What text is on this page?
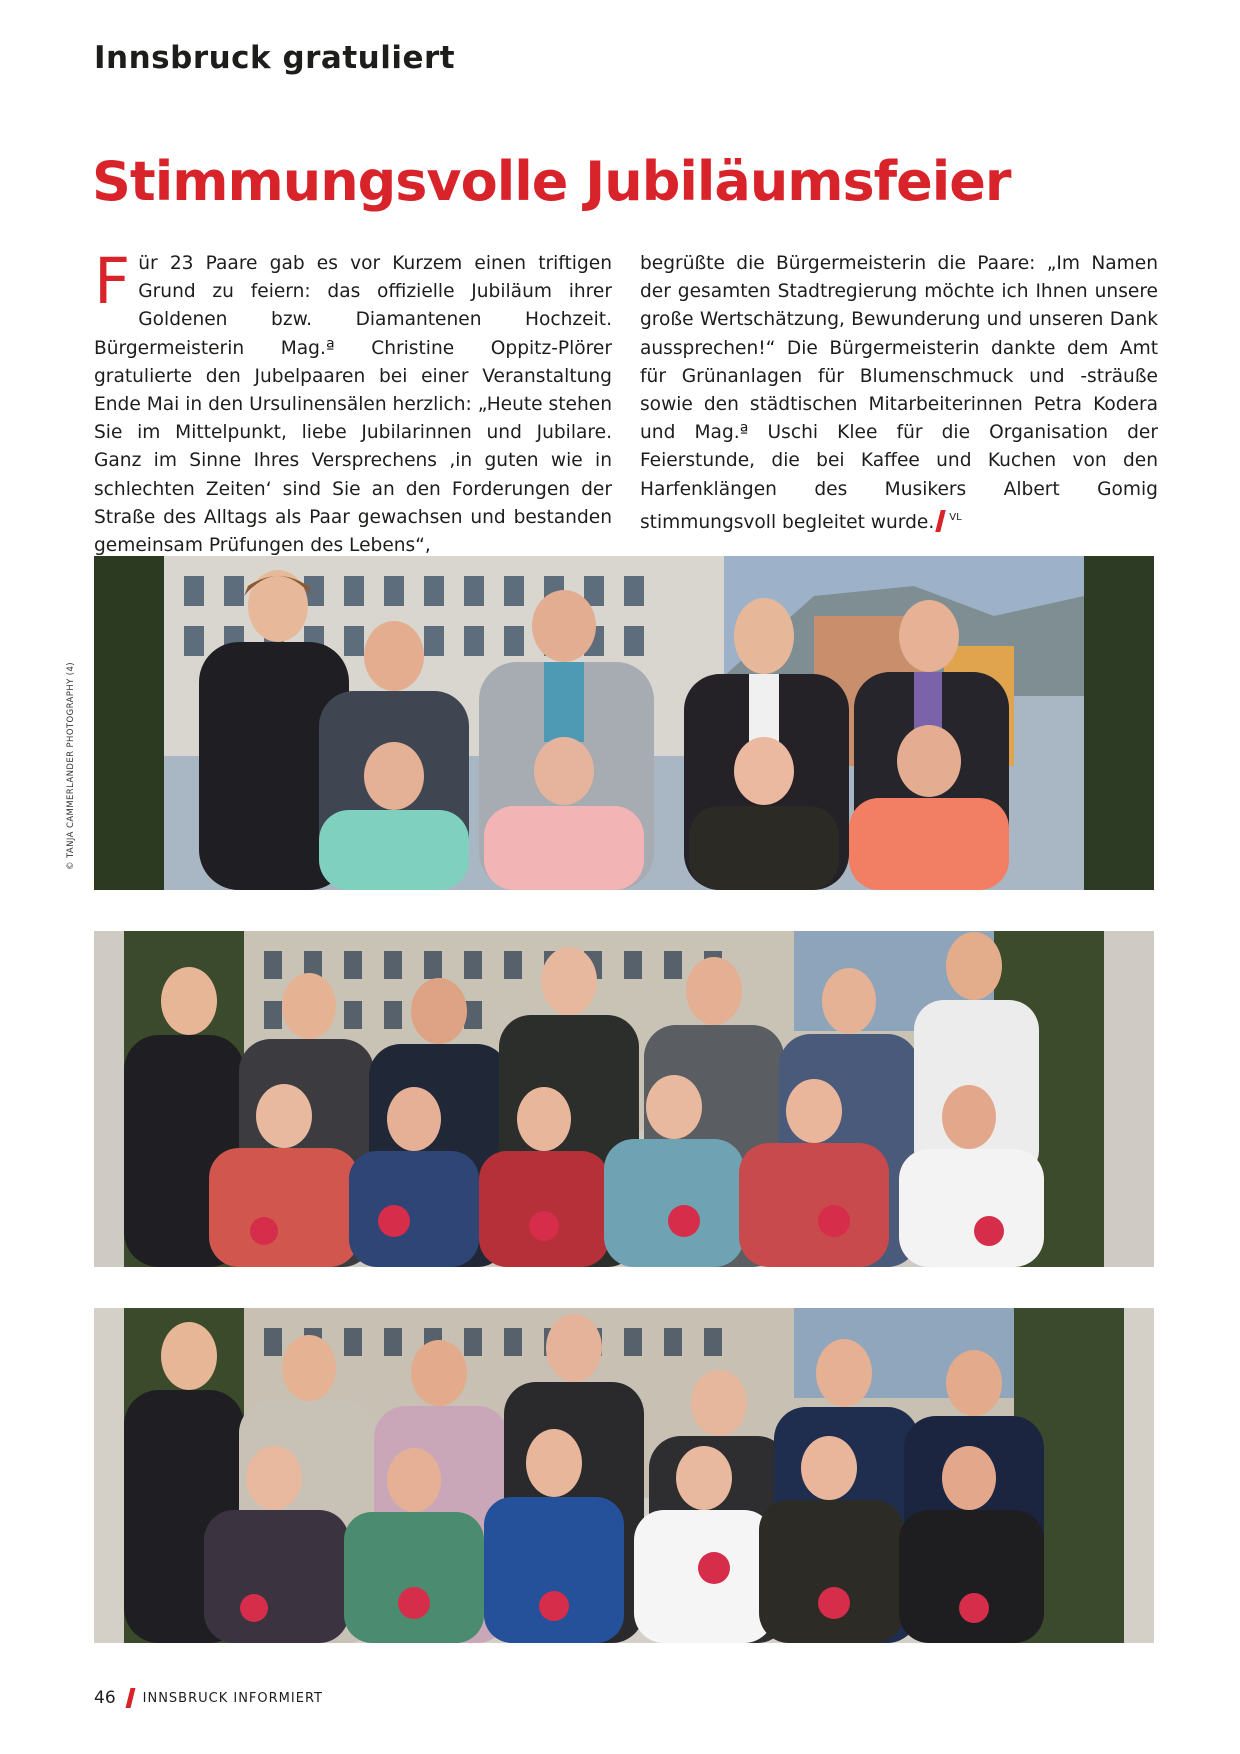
Innsbruck gratuliert
Stimmungsvolle Jubiläumsfeier
Für 23 Paare gab es vor Kurzem einen triftigen Grund zu feiern: das offizielle Jubiläum ihrer Goldenen bzw. Diamantenen Hochzeit. Bürgermeisterin Mag.ª Christine Oppitz-Plörer gratulierte den Jubelpaaren bei einer Veranstaltung Ende Mai in den Ursulinensälen herzlich: „Heute stehen Sie im Mittelpunkt, liebe Jubilarinnen und Jubilare. Ganz im Sinne Ihres Versprechens ‚in guten wie in schlechten Zeiten‘ sind Sie an den Forderungen der Straße des Alltags als Paar gewachsen und bestanden gemeinsam Prüfungen des Lebens“,
begrüßte die Bürgermeisterin die Paare: „Im Namen der gesamten Stadtregierung möchte ich Ihnen unsere große Wertschätzung, Bewunderung und unseren Dank aussprechen!“ Die Bürgermeisterin dankte dem Amt für Grünanlagen für Blumenschmuck und -sträuße sowie den städtischen Mitarbeiterinnen Petra Kodera und Mag.ª Uschi Klee für die Organisation der Feierstunde, die bei Kaffee und Kuchen von den Harfenklängen des Musikers Albert Gomig stimmungsvoll begleitet wurde. $^{VL}$
© TANJA CAMMERLANDER PHOTOGRAPHY (4)
46 INNSBRUCK INFORMIERT
